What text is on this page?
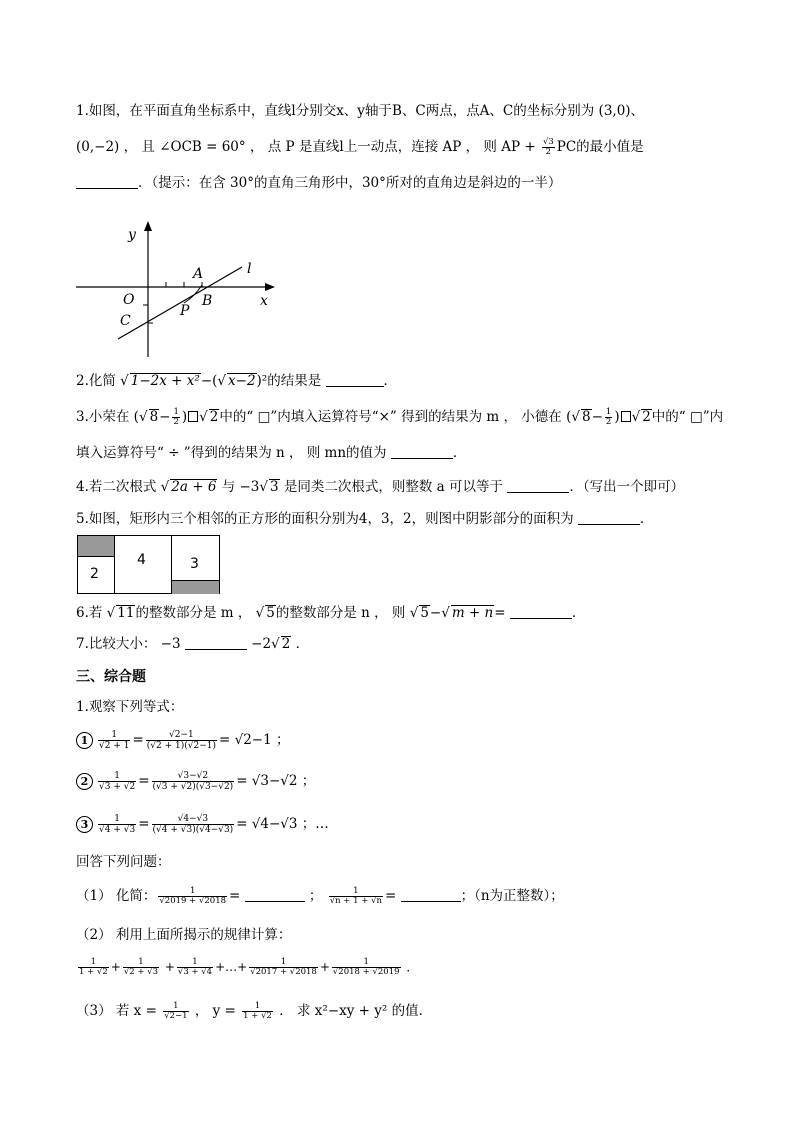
1.如图，在平面直角坐标系中，直线l分别交x、y轴于B、C两点，点A、C的坐标分别为 (3,0)、
(0,−2) ， 且 ∠OCB = 60° ， 点 P 是直线l上一动点，连接 AP ， 则 AP + $\frac{√3}{2}$ PC的最小值是
．（提示：在含 30°的直角三角形中，30°所对的直角边是斜边的一半）
y
x
A
B
O
C
P
l
2.化简 √ 1−2x + x²−( √ x−2)²的结果是	．
3.小荣在 ( √ $8- \frac{1}{2}$ ) √ 2中的“ □”内填入运算符号“×” 得到的结果为 m ， 小德在 ( √ $8- \frac{1}{2}$ ) √ 2中的“ □”内
填入运算符号“ ÷ ”得到的结果为 n ， 则 mn的值为	．
4.若二次根式 √ 2a + 6 与 −3 √ 3 是同类二次根式，则整数 a 可以等于	．（写出一个即可）
5.如图，矩形内三个相邻的正方形的面积分别为4，3，2，则图中阴影部分的面积为	．
2
4	3
6.若 √ 11的整数部分是 m ， √ 5的整数部分是 n ， 则 √ 5− √ m + n=	．
7.比较大小： −3	−2 √ 2 ．
三、综合题
1.观察下列等式：
$1 \frac{1}{√2 + 1} = \frac{√2-1}{(√2 + 1)(√2-1)} = √2-1$ ；
$2 \frac{1}{√3 + √2} = \frac{√3-√2}{(√3 + √2)(√3-√2)} = √3-√2$ ；
$3 \frac{1}{√4 + √3} = \frac{√4-√3}{(√4 + √3)(√4-√3)} = √4-√3$ ；…
回答下列问题：
（1） 化简： $\frac{1}{√2019 + √2018}$ =	； $\frac{1}{√n + 1 + √n}$ =	；（n为正整数）；
（2） 利用上面所揭示的规律计算：
$\frac{1}{1 + √2} + \frac{1}{√2 + √3} + \frac{1}{√3 + √4}$ +…+ $\frac{1}{√2017 + √2018} + \frac{1}{√2018 + √2019}$ ．
（3） 若 $x = \frac{1}{√2-1}$ ， $y = \frac{1}{1 + √2}$ ． 求 x²−xy + y² 的值．
